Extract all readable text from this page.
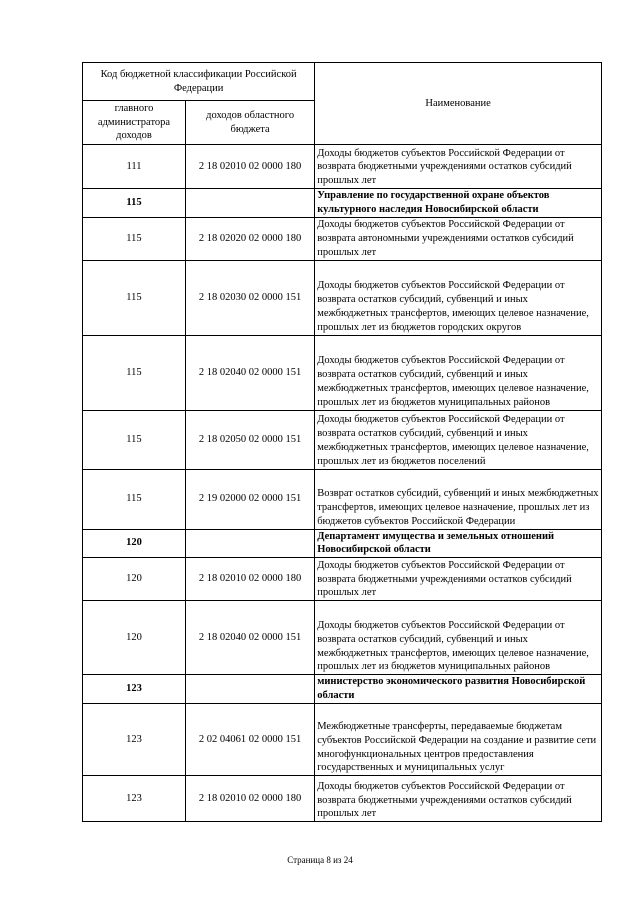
Код бюджетной классификации Российской Федерации		Наименование
главного администратора доходов	доходов областного бюджета	
111	2 18 02010 02 0000 180	Доходы бюджетов субъектов Российской Федерации от возврата бюджетными учреждениями остатков субсидий прошлых лет
115		Управление по государственной охране объектов культурного наследия Новосибирской области
115	2 18 02020 02 0000 180	Доходы бюджетов субъектов Российской Федерации от возврата автономными учреждениями остатков субсидий прошлых лет
115	2 18 02030 02 0000 151	Доходы бюджетов субъектов Российской Федерации от возврата остатков субсидий, субвенций и иных межбюджетных трансфертов, имеющих целевое назначение, прошлых лет из бюджетов городских округов
115	2 18 02040 02 0000 151	Доходы бюджетов субъектов Российской Федерации от возврата остатков субсидий, субвенций и иных межбюджетных трансфертов, имеющих целевое назначение, прошлых лет из бюджетов муниципальных районов
115	2 18 02050 02 0000 151	Доходы бюджетов субъектов Российской Федерации от возврата остатков субсидий, субвенций и иных межбюджетных трансфертов, имеющих целевое назначение, прошлых лет из бюджетов поселений
115	2 19 02000 02 0000 151	Возврат остатков субсидий, субвенций и иных межбюджетных трансфертов, имеющих целевое назначение, прошлых лет из бюджетов субъектов Российской Федерации
120		Департамент имущества и земельных отношений Новосибирской области
120	2 18 02010 02 0000 180	Доходы бюджетов субъектов Российской Федерации от возврата бюджетными учреждениями остатков субсидий прошлых лет
120	2 18 02040 02 0000 151	Доходы бюджетов субъектов Российской Федерации от возврата остатков субсидий, субвенций и иных межбюджетных трансфертов, имеющих целевое назначение, прошлых лет из бюджетов муниципальных районов
123		министерство экономического развития Новосибирской области
123	2 02 04061 02 0000 151	Межбюджетные трансферты, передаваемые бюджетам субъектов Российской Федерации на создание и развитие сети многофункциональных центров предоставления государственных и муниципальных услуг
123	2 18 02010 02 0000 180	Доходы бюджетов субъектов Российской Федерации от возврата бюджетными учреждениями остатков субсидий прошлых лет
Страница 8 из 24
